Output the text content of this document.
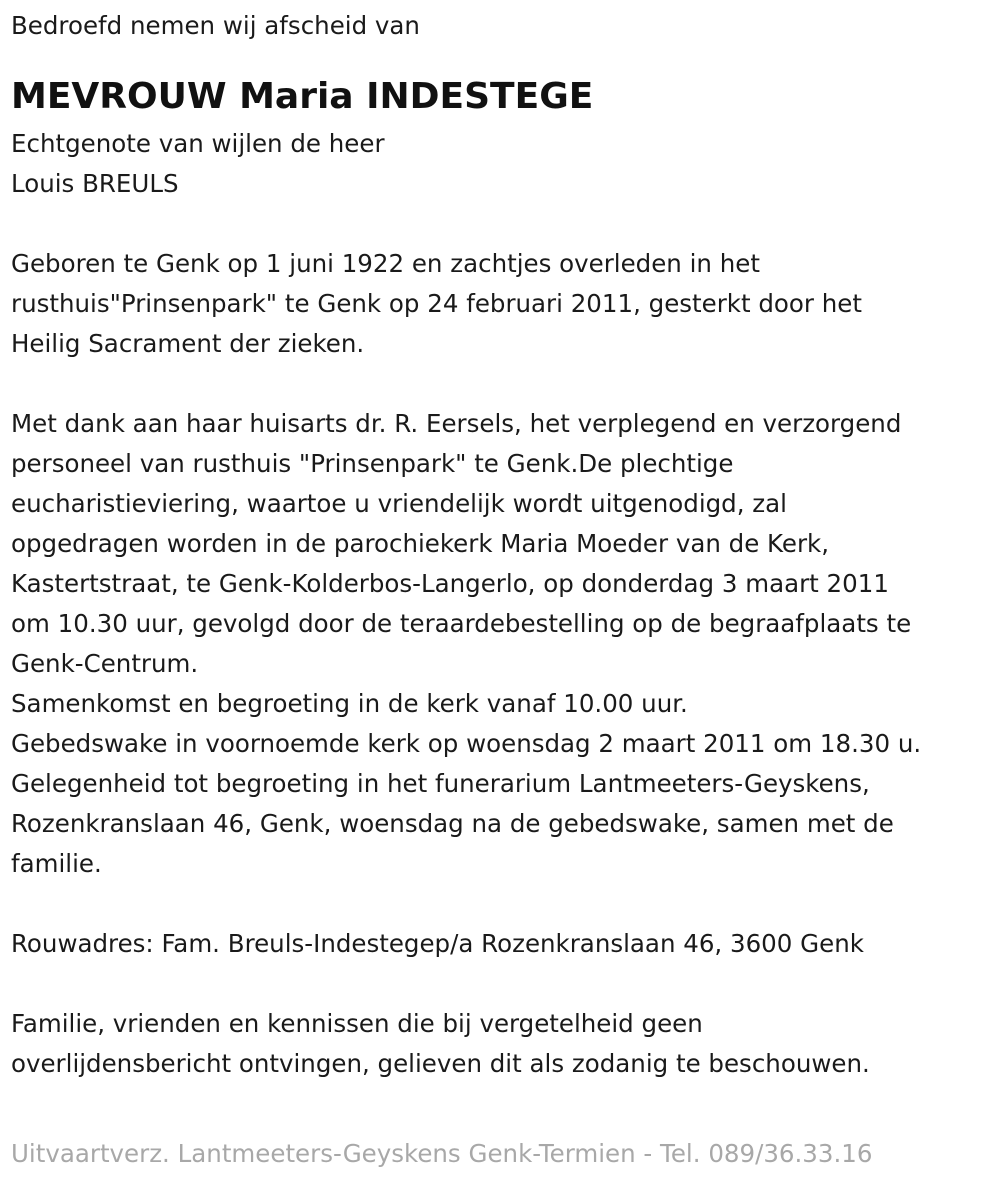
Bedroefd nemen wij afscheid van
MEVROUW Maria INDESTEGE
Echtgenote van wijlen de heer
Louis BREULS
Geboren te Genk op 1 juni 1922 en zachtjes overleden in het
rusthuis"Prinsenpark" te Genk op 24 februari 2011, gesterkt door het
Heilig Sacrament der zieken.
Met dank aan haar huisarts dr. R. Eersels, het verplegend en verzorgend
personeel van rusthuis "Prinsenpark" te Genk.De plechtige
eucharistieviering, waartoe u vriendelijk wordt uitgenodigd, zal
opgedragen worden in de parochiekerk Maria Moeder van de Kerk,
Kastertstraat, te Genk-Kolderbos-Langerlo, op donderdag 3 maart 2011
om 10.30 uur, gevolgd door de teraardebestelling op de begraafplaats te
Genk-Centrum.
Samenkomst en begroeting in de kerk vanaf 10.00 uur.
Gebedswake in voornoemde kerk op woensdag 2 maart 2011 om 18.30 u.
Gelegenheid tot begroeting in het funerarium Lantmeeters-Geyskens,
Rozenkranslaan 46, Genk, woensdag na de gebedswake, samen met de
familie.
Rouwadres: Fam. Breuls-Indestegep/a Rozenkranslaan 46, 3600 Genk
Familie, vrienden en kennissen die bij vergetelheid geen
overlijdensbericht ontvingen, gelieven dit als zodanig te beschouwen.
Uitvaartverz. Lantmeeters-Geyskens Genk-Termien - Tel. 089/36.33.16
